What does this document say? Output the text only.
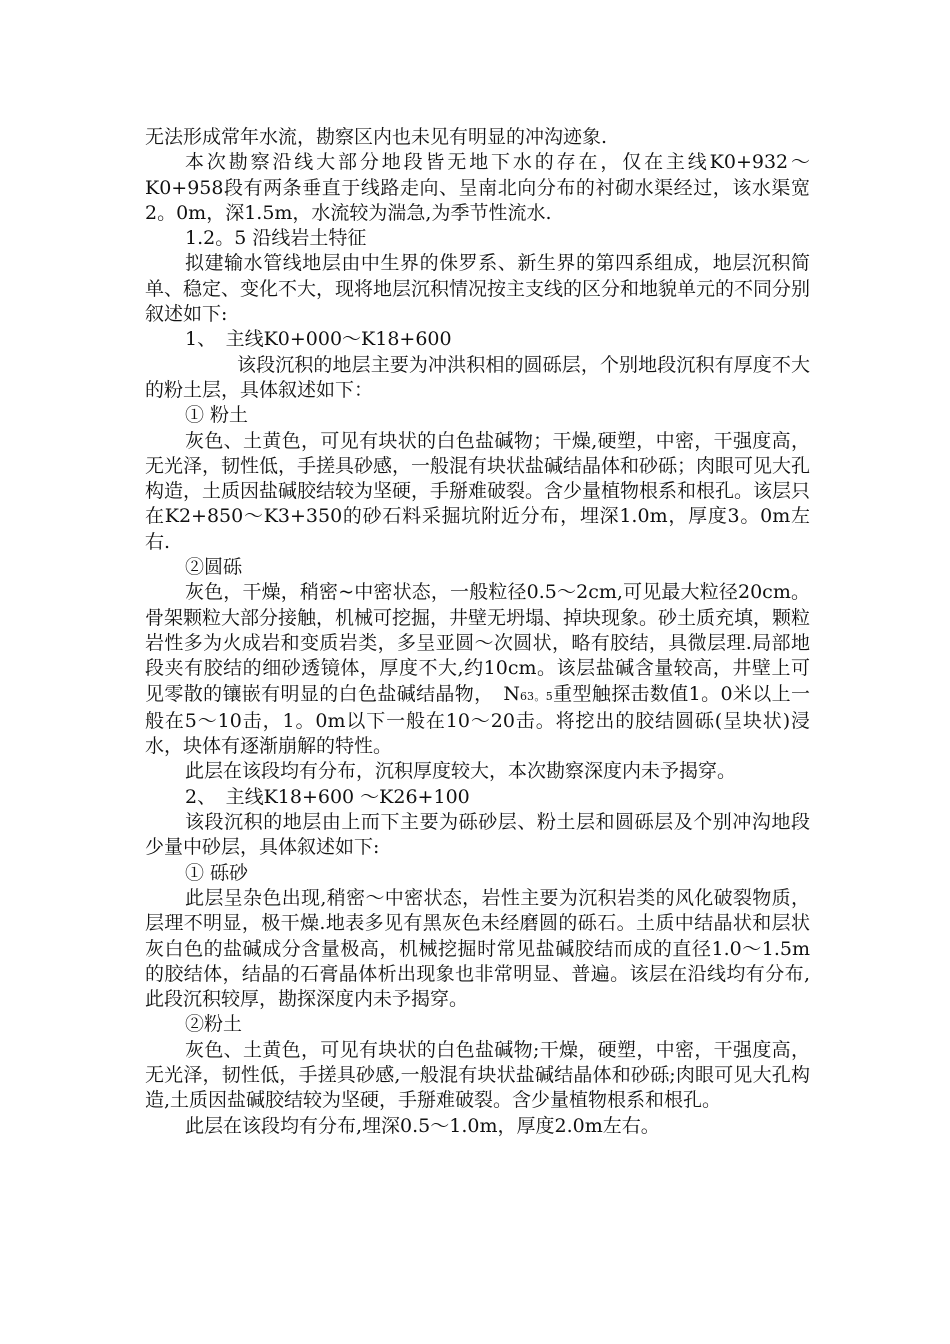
无法形成常年水流，勘察区内也未见有明显的冲沟迹象.

本次勘察沿线大部分地段皆无地下水的存在，仅在主线K0+932～K0+958段有两条垂直于线路走向、呈南北向分布的衬砌水渠经过，该水渠宽2。0m，深1.5m，水流较为湍急,为季节性流水.

1.2。5 沿线岩土特征

拟建输水管线地层由中生界的侏罗系、新生界的第四系组成，地层沉积简单、稳定、变化不大，现将地层沉积情况按主支线的区分和地貌单元的不同分别叙述如下:

1、　主线K0+000～K18+600

该段沉积的地层主要为冲洪积相的圆砾层，个别地段沉积有厚度不大的粉土层，具体叙述如下：

① 粉土

灰色、土黄色，可见有块状的白色盐碱物；干燥,硬塑，中密，干强度高，无光泽，韧性低，手搓具砂感，一般混有块状盐碱结晶体和砂砾；肉眼可见大孔构造，土质因盐碱胶结较为坚硬，手掰难破裂。含少量植物根系和根孔。该层只在K2+850～K3+350的砂石料采掘坑附近分布，埋深1.0m，厚度3。0m左右.

②圆砾

灰色，干燥，稍密~中密状态，一般粒径0.5～2cm,可见最大粒径20cm。骨架颗粒大部分接触，机械可挖掘，井壁无坍塌、掉块现象。砂土质充填，颗粒岩性多为火成岩和变质岩类，多呈亚圆～次圆状，略有胶结，具微层理.局部地段夹有胶结的细砂透镜体，厚度不大,约10cm。该层盐碱含量较高，井壁上可见零散的镶嵌有明显的白色盐碱结晶物，　N63。5重型触探击数值1。0米以上一般在5～10击，1。0m以下一般在10～20击。将挖出的胶结圆砾(呈块状)浸水，块体有逐渐崩解的特性。

此层在该段均有分布，沉积厚度较大，本次勘察深度内未予揭穿。

2、　主线K18+600 ～K26+100

该段沉积的地层由上而下主要为砾砂层、粉土层和圆砾层及个别冲沟地段少量中砂层，具体叙述如下:

① 砾砂

此层呈杂色出现,稍密～中密状态，岩性主要为沉积岩类的风化破裂物质，层理不明显，极干燥.地表多见有黑灰色未经磨圆的砾石。土质中结晶状和层状灰白色的盐碱成分含量极高，机械挖掘时常见盐碱胶结而成的直径1.0～1.5m的胶结体，结晶的石膏晶体析出现象也非常明显、普遍。该层在沿线均有分布,此段沉积较厚，勘探深度内未予揭穿。

②粉土

灰色、土黄色，可见有块状的白色盐碱物;干燥，硬塑，中密，干强度高，无光泽，韧性低，手搓具砂感,一般混有块状盐碱结晶体和砂砾;肉眼可见大孔构造,土质因盐碱胶结较为坚硬，手掰难破裂。含少量植物根系和根孔。

此层在该段均有分布,埋深0.5～1.0m，厚度2.0m左右。
